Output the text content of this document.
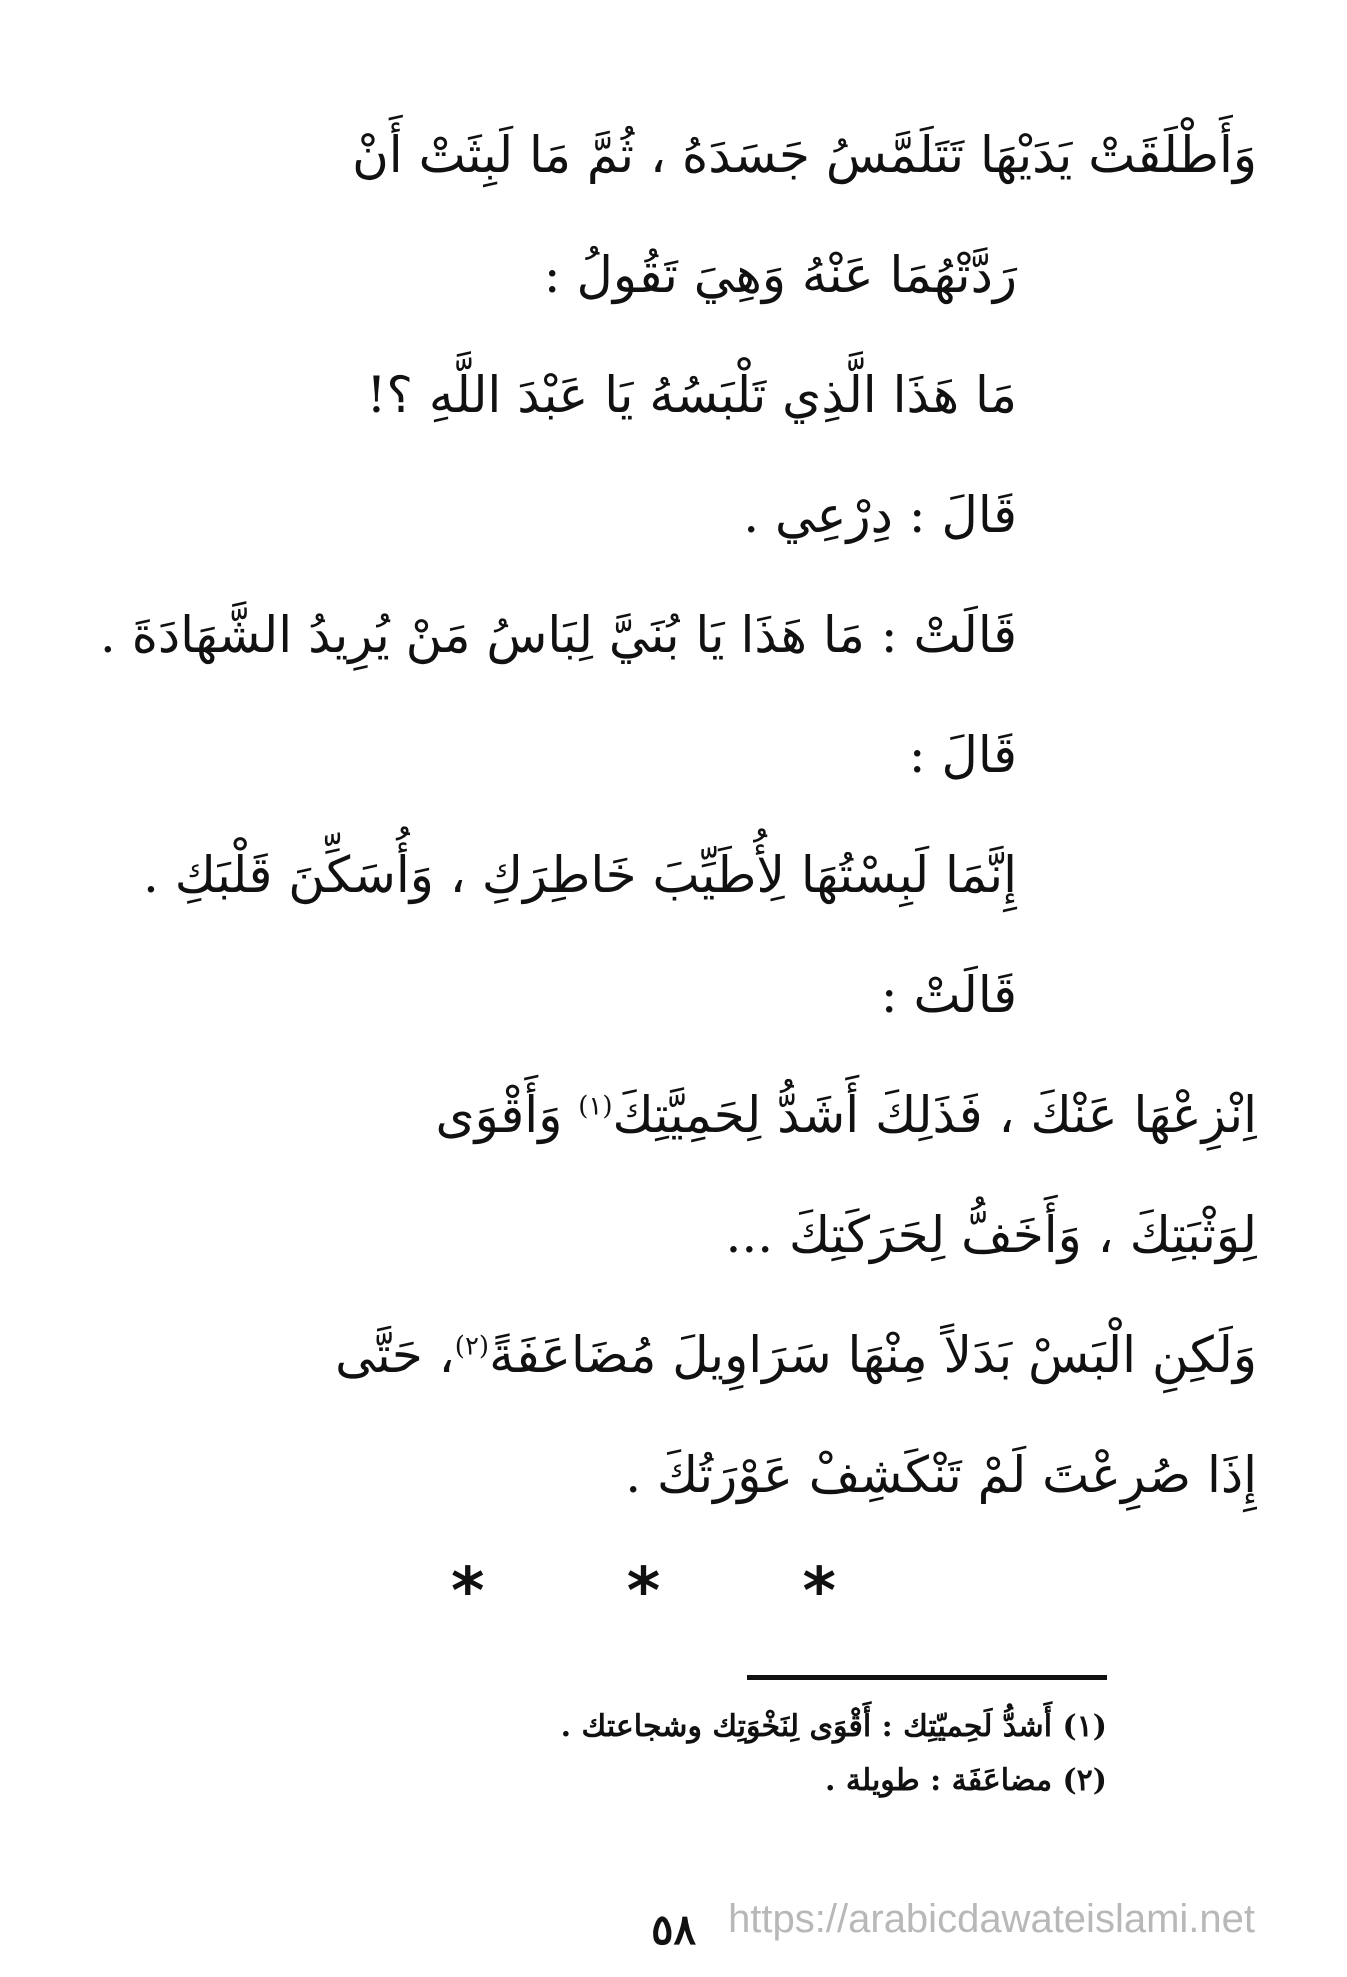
وَأَطْلَقَتْ يَدَيْهَا تَتَلَمَّسُ جَسَدَهُ ، ثُمَّ مَا لَبِثَتْ أَنْ
رَدَّتْهُمَا عَنْهُ وَهِيَ تَقُولُ :
مَا هَذَا الَّذِي تَلْبَسُهُ يَا عَبْدَ اللَّهِ ؟!
قَالَ : دِرْعِي .
قَالَتْ : مَا هَذَا يَا بُنَيَّ لِبَاسُ مَنْ يُرِيدُ الشَّهَادَةَ .
قَالَ :
إِنَّمَا لَبِسْتُهَا لِأُطَيِّبَ خَاطِرَكِ ، وَأُسَكِّنَ قَلْبَكِ .
قَالَتْ :
اِنْزِعْهَا عَنْكَ ، فَذَلِكَ أَشَدُّ لِحَمِيَّتِكَ$^{(١)}$ وَأَقْوَى
لِوَثْبَتِكَ ، وَأَخَفُّ لِحَرَكَتِكَ ...
وَلَكِنِ الْبَسْ بَدَلاً مِنْهَا سَرَاوِيلَ مُضَاعَفَةً$^{(٢)}$، حَتَّى
إِذَا صُرِعْتَ لَمْ تَنْكَشِفْ عَوْرَتُكَ .
* * *
(١) أَشدُّ لَحِميّتِك : أَقْوَى لِنَخْوَتِك وشجاعتك .
(٢) مضاعَفَة : طويلة .
٥٨ https://arabicdawateislami.net
